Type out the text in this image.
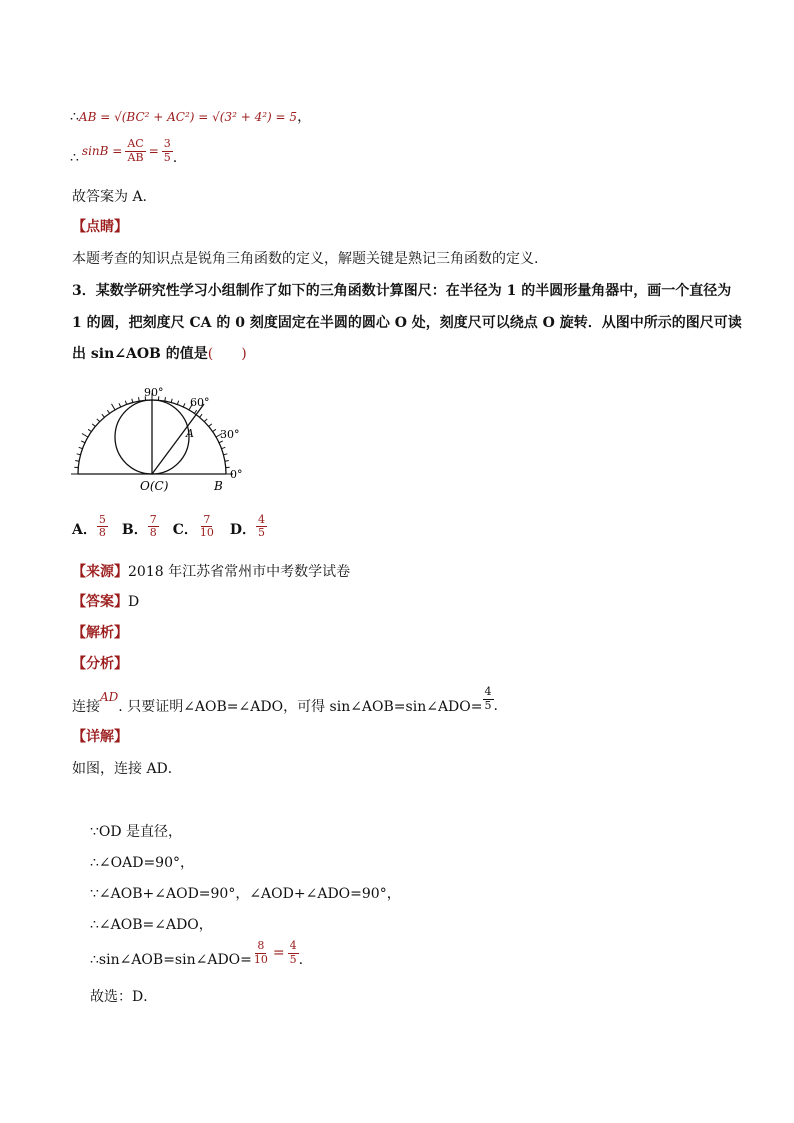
∴AB = √(BC² + AC²) = √(3² + 4²) = 5，
∴ $\sin B = \frac{AC}{AB} = \frac{3}{5}$ .
故答案为 A.
【点睛】
本题考查的知识点是锐角三角函数的定义，解题关键是熟记三角函数的定义.
3．某数学研究性学习小组制作了如下的三角函数计算图尺：在半径为 1 的半圆形量角器中，画一个直径为
1 的圆，把刻度尺 CA 的 0 刻度固定在半圆的圆心 O 处，刻度尺可以绕点 O 旋转．从图中所示的图尺可读
出 sin∠AOB 的值是(　　)
90°
60°
30°
0°
A
O(C)	B
A． $\frac{5}{8}$ B． $\frac{7}{8}$ C． $\frac{7}{10}$ D． $\frac{4}{5}$
【来源】2018 年江苏省常州市中考数学试卷
【答案】D
【解析】
【分析】
连接
AD
. 只要证明∠AOB=∠ADO，可得 sin∠AOB=sin∠ADO= $\frac{4}{5}$ .
【详解】
如图，连接 AD．
∵OD 是直径，
∴∠OAD=90°，
∵∠AOB+∠AOD=90°，∠AOD+∠ADO=90°，
∴∠AOB=∠ADO，
∴sin∠AOB=sin∠ADO= $\frac{8}{10} = \frac{4}{5}$ .
故选：D．
